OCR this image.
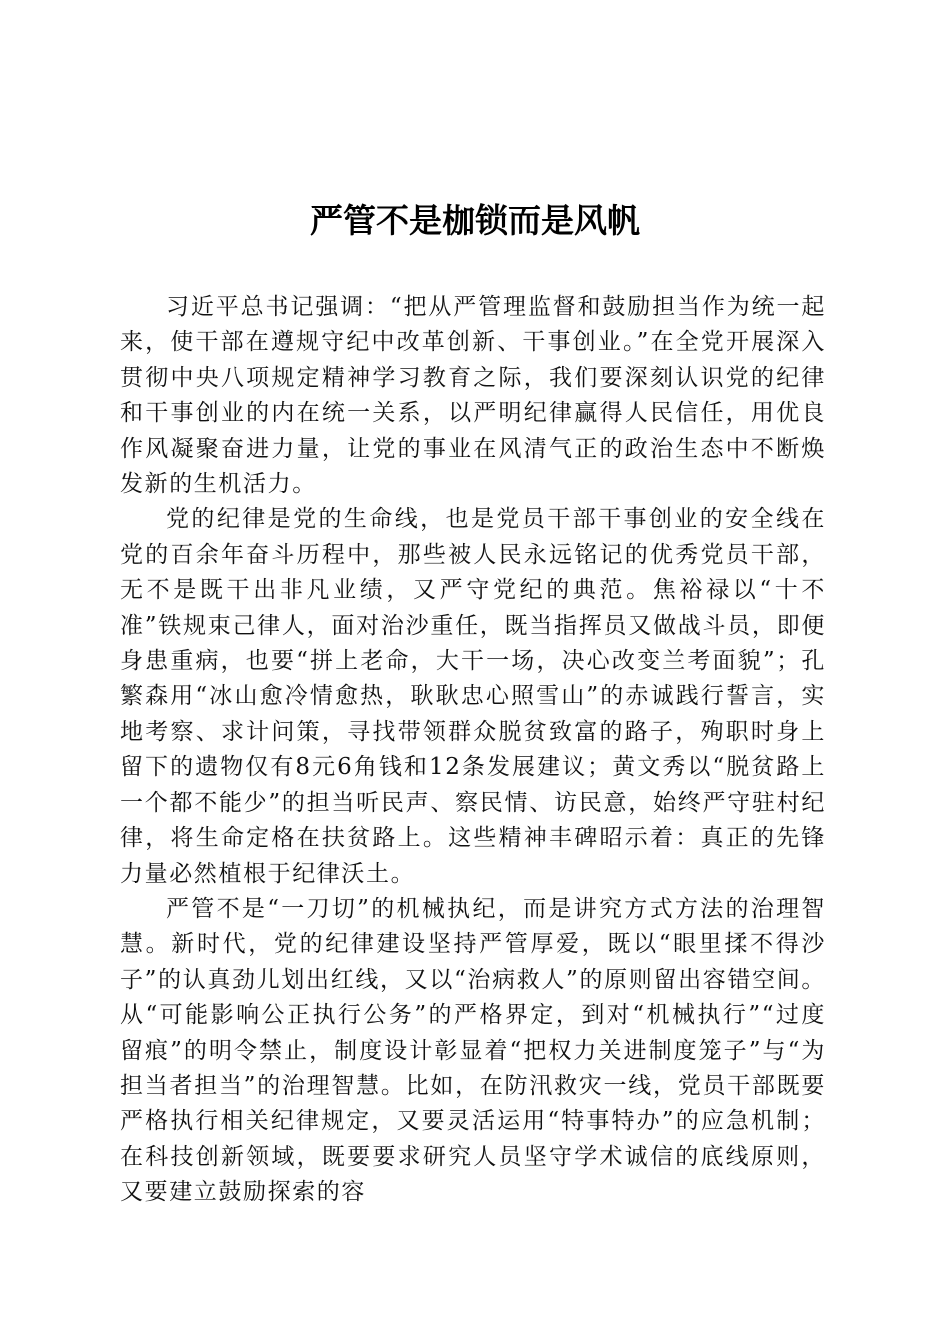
严管不是枷锁而是风帆

习近平总书记强调：“把从严管理监督和鼓励担当作为统一起来，使干部在遵规守纪中改革创新、干事创业。”在全党开展深入贯彻中央八项规定精神学习教育之际，我们要深刻认识党的纪律和干事创业的内在统一关系，以严明纪律赢得人民信任，用优良作风凝聚奋进力量，让党的事业在风清气正的政治生态中不断焕发新的生机活力。

党的纪律是党的生命线，也是党员干部干事创业的安全线在党的百余年奋斗历程中，那些被人民永远铭记的优秀党员干部，无不是既干出非凡业绩，又严守党纪的典范。焦裕禄以“十不准”铁规束己律人，面对治沙重任，既当指挥员又做战斗员，即便身患重病，也要“拼上老命，大干一场，决心改变兰考面貌”；孔繁森用“冰山愈冷情愈热，耿耿忠心照雪山”的赤诚践行誓言，实地考察、求计问策，寻找带领群众脱贫致富的路子，殉职时身上留下的遗物仅有8元6角钱和12条发展建议；黄文秀以“脱贫路上一个都不能少”的担当听民声、察民情、访民意，始终严守驻村纪律，将生命定格在扶贫路上。这些精神丰碑昭示着：真正的先锋力量必然植根于纪律沃土。

严管不是“一刀切”的机械执纪，而是讲究方式方法的治理智慧。新时代，党的纪律建设坚持严管厚爱，既以“眼里揉不得沙子”的认真劲儿划出红线，又以“治病救人”的原则留出容错空间。从“可能影响公正执行公务”的严格界定，到对“机械执行”“过度留痕”的明令禁止，制度设计彰显着“把权力关进制度笼子”与“为担当者担当”的治理智慧。比如，在防汛救灾一线，党员干部既要严格执行相关纪律规定，又要灵活运用“特事特办”的应急机制；在科技创新领域，既要要求研究人员坚守学术诚信的底线原则，又要建立鼓励探索的容
